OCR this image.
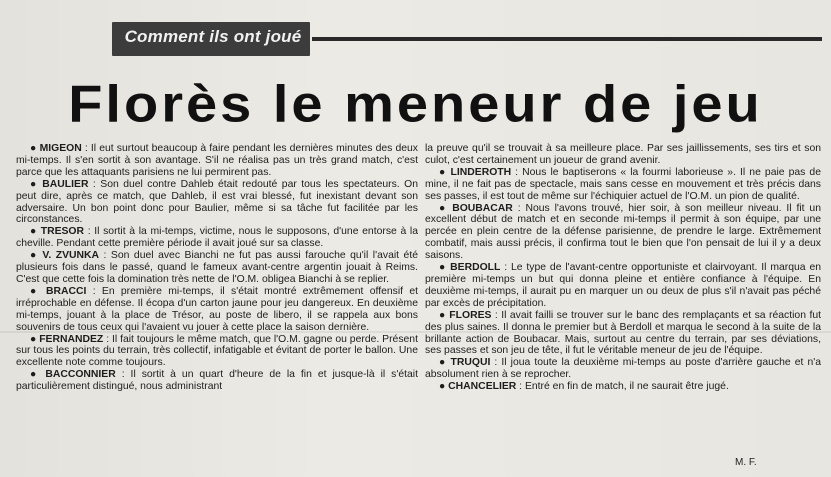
Comment ils ont joué
Florès le meneur de jeu

● MIGEON : Il eut surtout beaucoup à faire pendant les dernières minutes des deux mi-temps. Il s'en sortit à son avantage. S'il ne réalisa pas un très grand match, c'est parce que les attaquants parisiens ne lui permirent pas.

● BAULIER : Son duel contre Dahleb était redouté par tous les spectateurs. On peut dire, après ce match, que Dahleb, il est vrai blessé, fut inexistant devant son adversaire. Un bon point donc pour Baulier, même si sa tâche fut facilitée par les circonstances.

● TRESOR : Il sortit à la mi-temps, victime, nous le supposons, d'une entorse à la cheville. Pendant cette première période il avait joué sur sa classe.

● V. ZVUNKA : Son duel avec Bianchi ne fut pas aussi farouche qu'il l'avait été plusieurs fois dans le passé, quand le fameux avant-centre argentin jouait à Reims. C'est que cette fois la domination très nette de l'O.M. obligea Bianchi à se replier.

● BRACCI : En première mi-temps, il s'était montré extrêmement offensif et irréprochable en défense. Il écopa d'un carton jaune pour jeu dangereux. En deuxième mi-temps, jouant à la place de Trésor, au poste de libero, il se rappela aux bons souvenirs de tous ceux qui l'avaient vu jouer à cette place la saison dernière.

● FERNANDEZ : Il fait toujours le même match, que l'O.M. gagne ou perde. Présent sur tous les points du terrain, très collectif, infatigable et évitant de porter le ballon. Une excellente note comme toujours.

● BACCONNIER : Il sortit à un quart d'heure de la fin et jusque-là il s'était particulièrement distingué, nous administrant

la preuve qu'il se trouvait à sa meilleure place. Par ses jaillissements, ses tirs et son culot, c'est certainement un joueur de grand avenir.

● LINDEROTH : Nous le baptiserons « la fourmi laborieuse ». Il ne paie pas de mine, il ne fait pas de spectacle, mais sans cesse en mouvement et très précis dans ses passes, il est tout de même sur l'échiquier actuel de l'O.M. un pion de qualité.

● BOUBACAR : Nous l'avons trouvé, hier soir, à son meilleur niveau. Il fit un excellent début de match et en seconde mi-temps il permit à son équipe, par une percée en plein centre de la défense parisienne, de prendre le large. Extrêmement combatif, mais aussi précis, il confirma tout le bien que l'on pensait de lui il y a deux saisons.

● BERDOLL : Le type de l'avant-centre opportuniste et clairvoyant. Il marqua en première mi-temps un but qui donna pleine et entière confiance à l'équipe. En deuxième mi-temps, il aurait pu en marquer un ou deux de plus s'il n'avait pas péché par excès de précipitation.

● FLORES : Il avait failli se trouver sur le banc des remplaçants et sa réaction fut des plus saines. Il donna le premier but à Berdoll et marqua le second à la suite de la brillante action de Boubacar. Mais, surtout au centre du terrain, par ses déviations, ses passes et son jeu de tête, il fut le véritable meneur de jeu de l'équipe.

● TRUQUI : Il joua toute la deuxième mi-temps au poste d'arrière gauche et n'a absolument rien à se reprocher.

● CHANCELIER : Entré en fin de match, il ne saurait être jugé.

M. F.
